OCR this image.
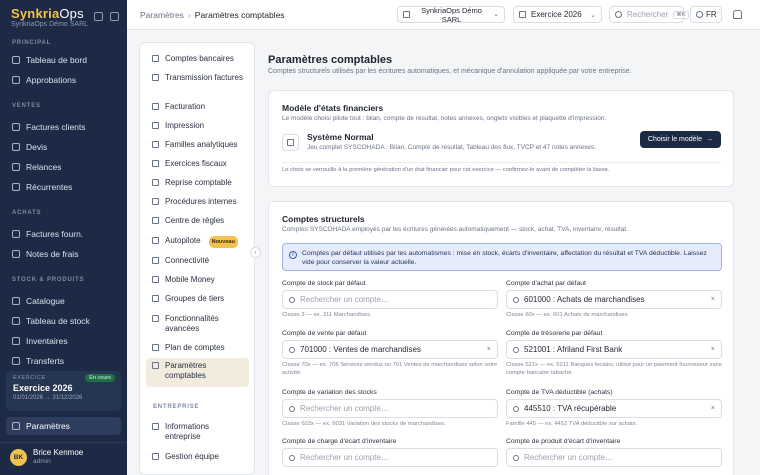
SynkriaOps
SynkriaOps Démo SARL
PRINCIPAL
Tableau de bord
Approbations
VENTES
Factures clients
Devis
Relances
Récurrentes
ACHATS
Factures fourn.
Notes de frais
STOCK & PRODUITS
Catalogue
Tableau de stock
Inventaires
Transferts
EXERCICE
Exercice 2026
01/01/2026 → 31/12/2026
En cours
Paramètres
BK
Brice Kenmoe
admin
Paramètres › Paramètres comptables	SynkriaOps Démo
SARL	⌄	Exercice 2026 ⌄	Rechercher	⌘K	FR
Comptes bancaires
Transmission factures
Facturation
Impression
Familles analytiques
Exercices fiscaux
Reprise comptable
Procédures internes
Centre de règles
Autopilote	Nouveau
Connectivité
Mobile Money
Groupes de tiers
Fonctionnalités avancées
Plan de comptes
Paramètres comptables
ENTREPRISE
Informations entreprise
Gestion équipe
‹
Paramètres comptables
Comptes structurels utilisés par les écritures automatiques, et mécanique d'annulation appliquée par votre entreprise.
Modèle d'états financiers
Le modèle choisi pilote tout : bilan, compte de résultat, notes annexes, onglets visibles et plaquette d'impression.
Système Normal
Jeu complet SYSCOHADA : Bilan, Compte de résultat, Tableau des flux, TVCP et 47 notes annexes.
Choisir le modèle →
Le choix se verrouille à la première génération d'un état financier pour cet exercice — confirmez-le avant de compléter la liasse.
Comptes structurels
Comptes SYSCOHADA employés par les écritures générées automatiquement — stock, achat, TVA, inventaire, résultat.
i	Comptes par défaut utilisés par les automatismes : mise en stock, écarts d'inventaire, affectation du résultat et TVA déductible. Laissez vide pour conserver la valeur actuelle.
Compte de stock par défaut
Rechercher un compte…
Classe 3 — ex. 311 Marchandises.
Compte d'achat par défaut
601000 : Achats de marchandises	×
Classe 60x — ex. 601 Achats de marchandises.
Compte de vente par défaut
701000 : Ventes de marchandises	×
Classe 70x — ex. 706 Services vendus ou 701 Ventes de marchandises selon votre activité.
Compte de trésorerie par défaut
521001 : Afriland First Bank	×
Classe 521x — ex. 5211 Banques locales, utilisé pour un paiement fournisseur sans compte bancaire rattaché.
Compte de variation des stocks
Rechercher un compte…
Classe 603x — ex. 6031 Variation des stocks de marchandises.
Compte de TVA déductible (achats)
445510 : TVA récupérable	×
Famille 445 — ex. 4452 TVA déductible sur achats.
Compte de charge d'écart d'inventaire
Rechercher un compte…
Compte de produit d'écart d'inventaire
Rechercher un compte…
